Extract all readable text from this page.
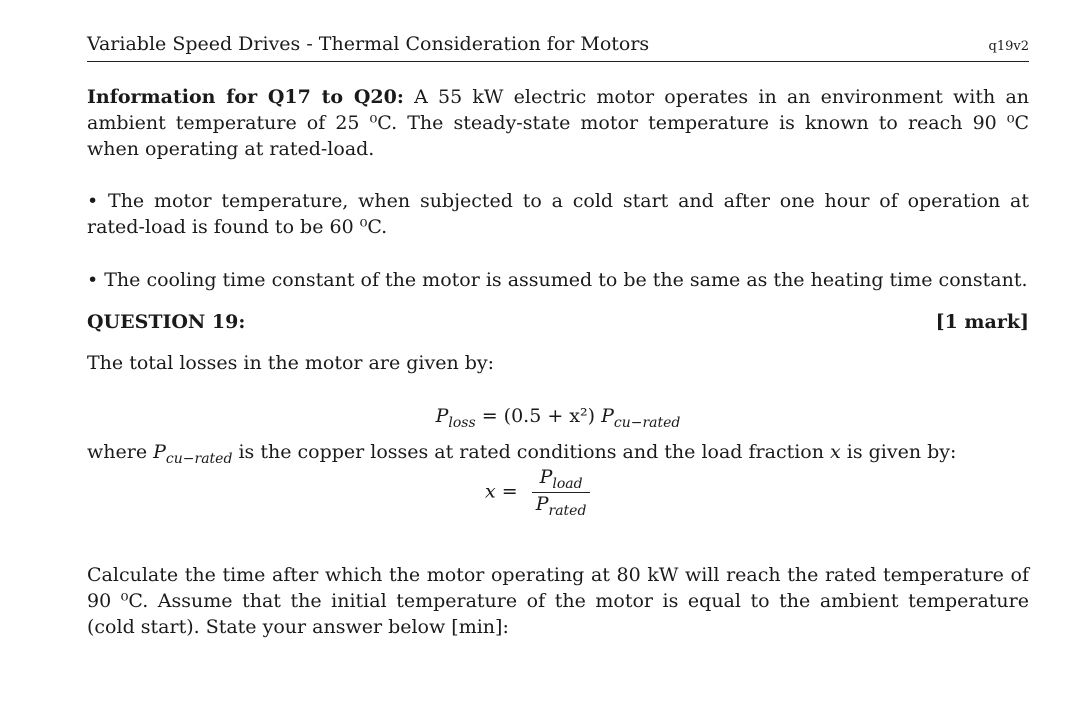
Variable Speed Drives - Thermal Consideration for Motors	q19v2
Information for Q17 to Q20: A 55 kW electric motor operates in an environment with an ambient temperature of 25 ⁰C. The steady-state motor temperature is known to reach 90 ⁰C when operating at rated-load.
• The motor temperature, when subjected to a cold start and after one hour of operation at rated-load is found to be 60 ⁰C.
• The cooling time constant of the motor is assumed to be the same as the heating time constant.
QUESTION 19:	[1 mark]
The total losses in the motor are given by:
$P_{loss} = (0.5 + x^2)$ $P_{cu-rated}$
where $P_{cu-rated}$ is the copper losses at rated conditions and the load fraction x is given by:
$x = \frac{P_{load}}{P_{rated}}$
Calculate the time after which the motor operating at 80 kW will reach the rated temperature of 90 ⁰C. Assume that the initial temperature of the motor is equal to the ambient temperature (cold start). State your answer below [min]:
